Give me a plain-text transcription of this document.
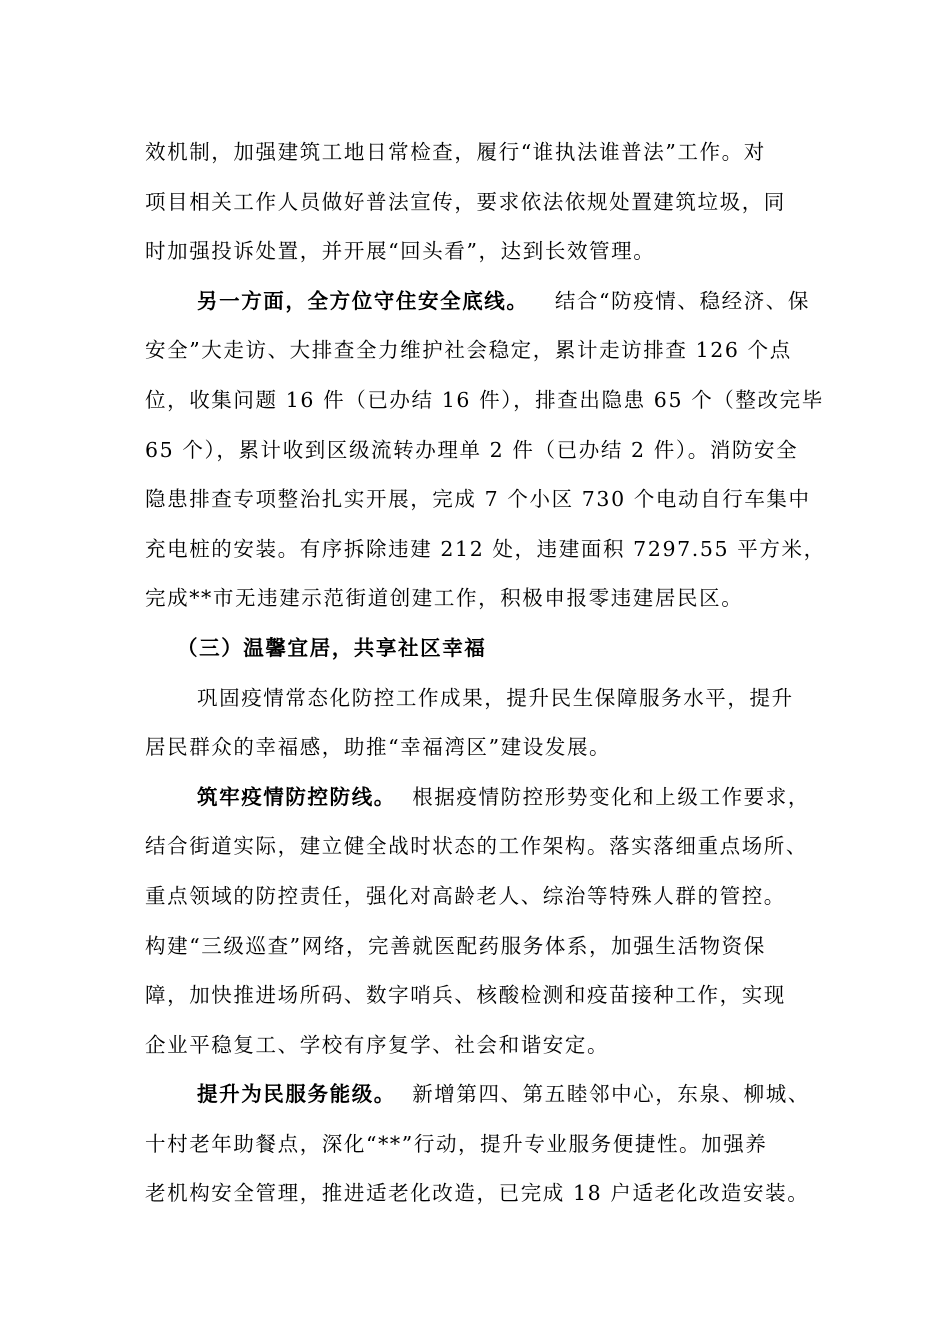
效机制，加强建筑工地日常检查，履行“谁执法谁普法”工作。对
项目相关工作人员做好普法宣传，要求依法依规处置建筑垃圾，同
时加强投诉处置，并开展“回头看”，达到长效管理。
另一方面，全方位守住安全底线。 结合“防疫情、稳经济、保
安全”大走访、大排查全力维护社会稳定，累计走访排查 126 个点
位，收集问题 16 件（已办结 16 件），排查出隐患 65 个（整改完毕
65 个），累计收到区级流转办理单 2 件（已办结 2 件）。消防安全
隐患排查专项整治扎实开展，完成 7 个小区 730 个电动自行车集中
充电桩的安装。有序拆除违建 212 处，违建面积 7297.55 平方米，
完成**市无违建示范街道创建工作，积极申报零违建居民区。
（三）温馨宜居，共享社区幸福
巩固疫情常态化防控工作成果，提升民生保障服务水平，提升
居民群众的幸福感，助推“幸福湾区”建设发展。
筑牢疫情防控防线。 根据疫情防控形势变化和上级工作要求，
结合街道实际，建立健全战时状态的工作架构。落实落细重点场所、
重点领域的防控责任，强化对高龄老人、综治等特殊人群的管控。
构建“三级巡查”网络，完善就医配药服务体系，加强生活物资保
障，加快推进场所码、数字哨兵、核酸检测和疫苗接种工作，实现
企业平稳复工、学校有序复学、社会和谐安定。
提升为民服务能级。 新增第四、第五睦邻中心，东泉、柳城、
十村老年助餐点，深化“**”行动，提升专业服务便捷性。加强养
老机构安全管理，推进适老化改造，已完成 18 户适老化改造安装。
